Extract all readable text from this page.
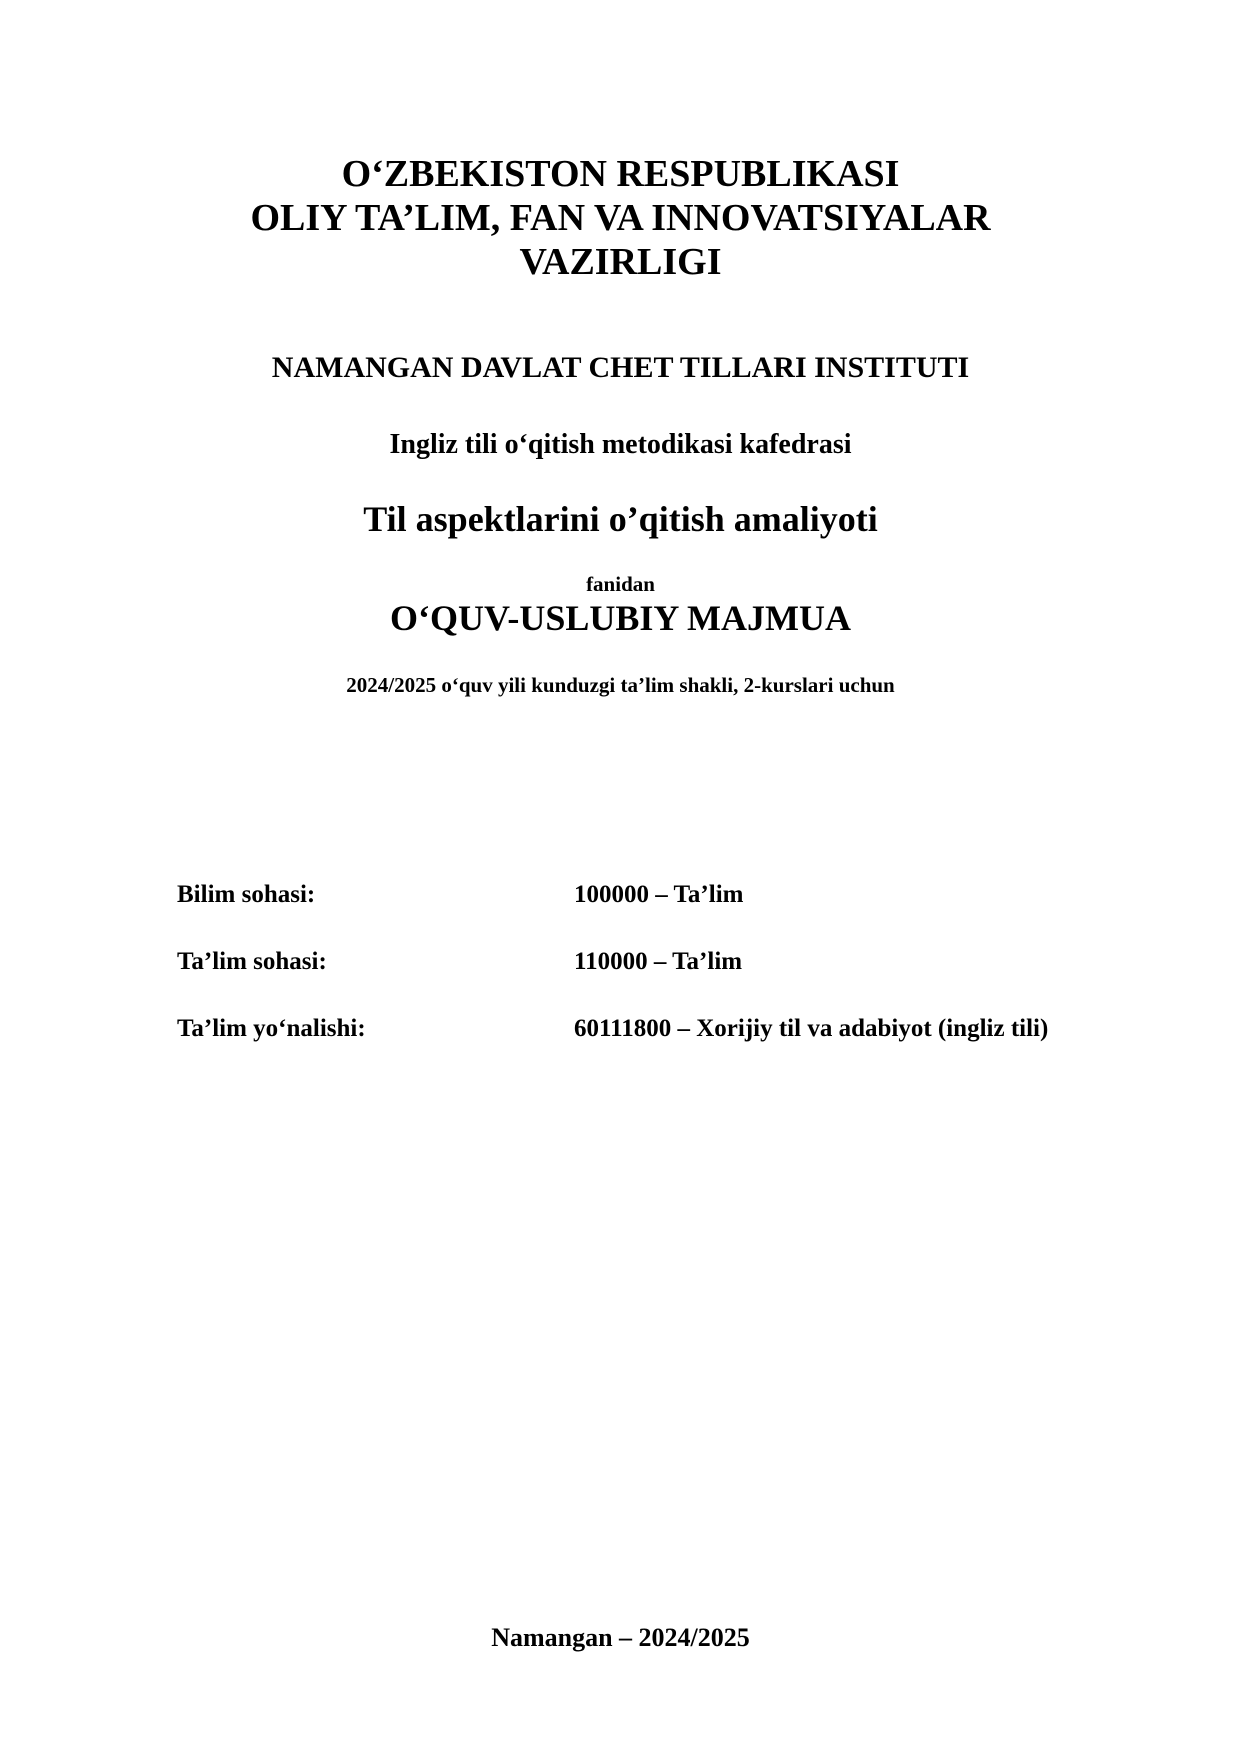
O‘ZBEKISTON RESPUBLIKASI
OLIY TA’LIM, FAN VA INNOVATSIYALAR
VAZIRLIGI
NAMANGAN DAVLAT CHET TILLARI INSTITUTI
Ingliz tili o‘qitish metodikasi kafedrasi
Til aspektlarini o’qitish amaliyoti
fanidan
O‘QUV-USLUBIY MAJMUA
2024/2025 o‘quv yili kunduzgi ta’lim shakli, 2-kurslari uchun
Bilim sohasi:	100000 – Ta’lim
Ta’lim sohasi:	110000 – Ta’lim
Ta’lim yo‘nalishi:	60111800 – Xorijiy til va adabiyot (ingliz tili)
Namangan – 2024/2025
